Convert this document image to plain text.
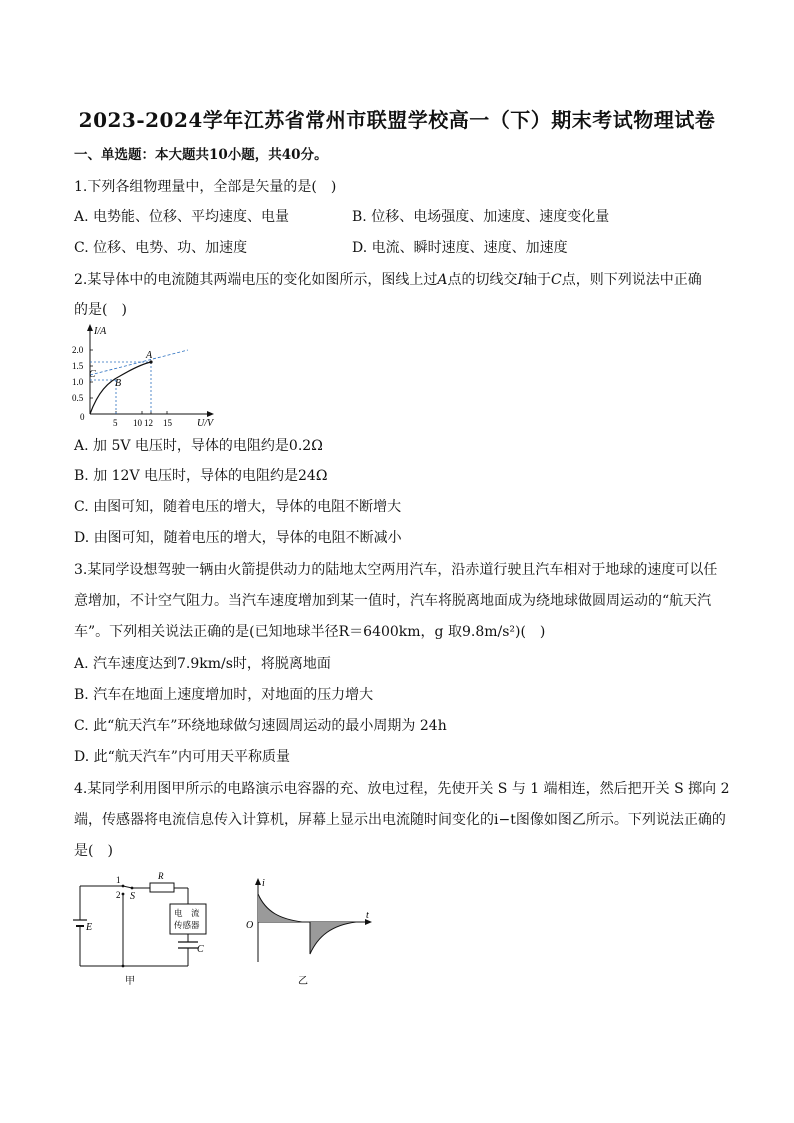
2023-2024学年江苏省常州市联盟学校高一（下）期末考试物理试卷
一、单选题：本大题共10小题，共40分。
1.下列各组物理量中，全部是矢量的是(　)
A. 电势能、位移、平均速度、电量	B. 位移、电场强度、加速度、速度变化量
C. 位移、电势、功、加速度	D. 电流、瞬时速度、速度、加速度
2.某导体中的电流随其两端电压的变化如图所示，图线上过A点的切线交I轴于C点，则下列说法中正确
的是(　)
I/A
U/V
0
2.0
1.5
1.0
0.5
5 10 12 15
A
B
C
A. 加 5V 电压时，导体的电阻约是0.2Ω
B. 加 12V 电压时，导体的电阻约是24Ω
C. 由图可知，随着电压的增大，导体的电阻不断增大
D. 由图可知，随着电压的增大，导体的电阻不断减小
3.某同学设想驾驶一辆由火箭提供动力的陆地太空两用汽车，沿赤道行驶且汽车相对于地球的速度可以任
意增加，不计空气阻力。当汽车速度增加到某一值时，汽车将脱离地面成为绕地球做圆周运动的“航天汽
车”。下列相关说法正确的是(已知地球半径R＝6400km，g 取9.8m/s²)(　)
A. 汽车速度达到7.9km/s时，将脱离地面
B. 汽车在地面上速度增加时，对地面的压力增大
C. 此“航天汽车”环绕地球做匀速圆周运动的最小周期为 24h
D. 此“航天汽车”内可用天平称质量
4.某同学利用图甲所示的电路演示电容器的充、放电过程，先使开关 S 与 1 端相连，然后把开关 S 掷向 2
端，传感器将电流信息传入计算机，屏幕上显示出电流随时间变化的i−t图像如图乙所示。下列说法正确的
是(　)
E
1
2 S
R
电　流
传感器
C
甲
i
t
O
乙
